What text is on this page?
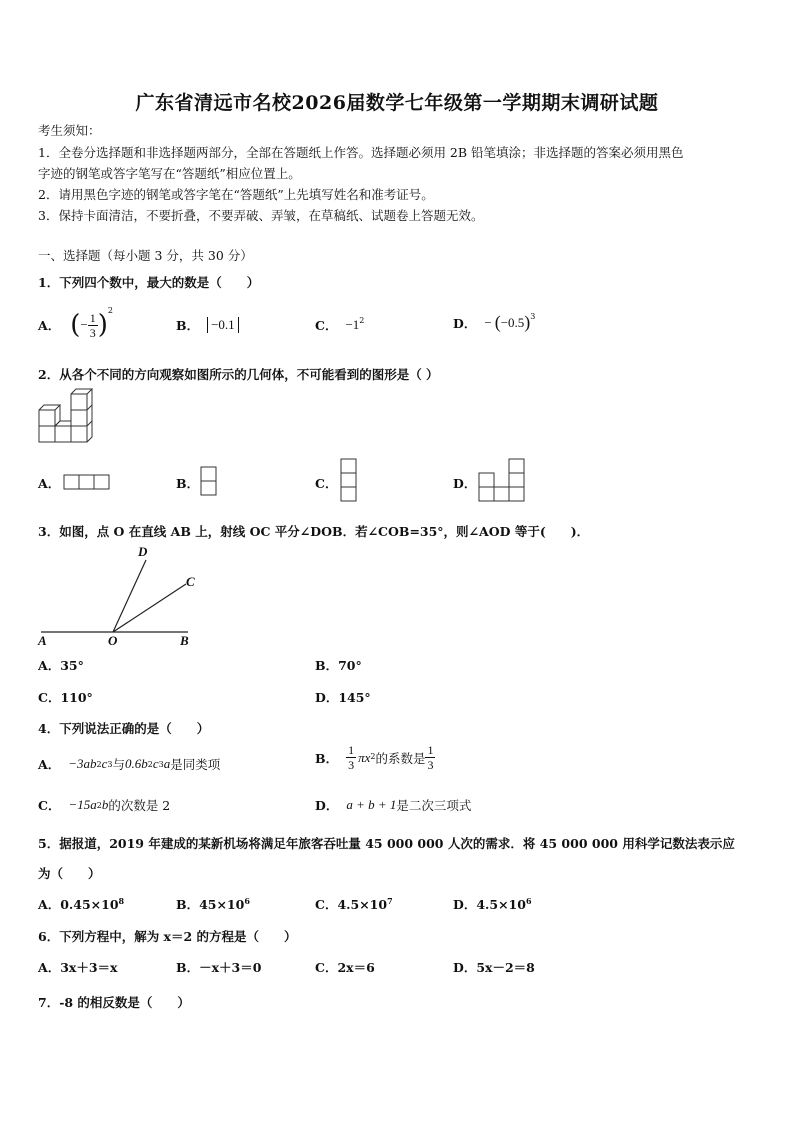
广东省清远市名校2026届数学七年级第一学期期末调研试题
考生须知：
1．全卷分选择题和非选择题两部分，全部在答题纸上作答。选择题必须用 2B 铅笔填涂；非选择题的答案必须用黑色
字迹的钢笔或答字笔写在“答题纸”相应位置上。
2．请用黑色字迹的钢笔或答字笔在“答题纸”上先填写姓名和准考证号。
3．保持卡面清洁，不要折叠，不要弄破、弄皱，在草稿纸、试题卷上答题无效。
一、选择题（每小题 3 分，共 30 分）
1．下列四个数中，最大的数是（　　）
A． ( − $\frac{1}{3} )^2$
B． −0.1	C． $-1^2$	D． − ( −0.5 )$^3$
2．从各个不同的方向观察如图所示的几何体，不可能看到的图形是（ ）
A．	B．	C．	D．
3．如图，点 O 在直线 AB 上，射线 OC 平分∠DOB．若∠COB=35°，则∠AOD 等于(　　)．
A	O	B
C
D
A．35°	B．70°
C．110°	D．145°
4．下列说法正确的是（　　）
A． −3ab 2 c 3 与 0.6b 2 c 3 a 是同类项	B． $\frac{1}{3}$ πx 2 的系数是 $\frac{1}{3}$
C． −15a 2 b 的次数是 2	D． a + b + 1 是二次三项式
5．据报道，2019 年建成的某新机场将满足年旅客吞吐量 45 000 000 人次的需求．将 45 000 000 用科学记数法表示应
为（　　）
A．$0.45\times 10^8$	B．$45\times 10^6$	C．$4.5\times 10^7$	D．$4.5\times 10^6$
6．下列方程中，解为 x＝2 的方程是（　　）
A．3x＋3＝x	B．－x＋3＝0	C．2x＝6	D．5x－2＝8
7．-8 的相反数是（　　）
